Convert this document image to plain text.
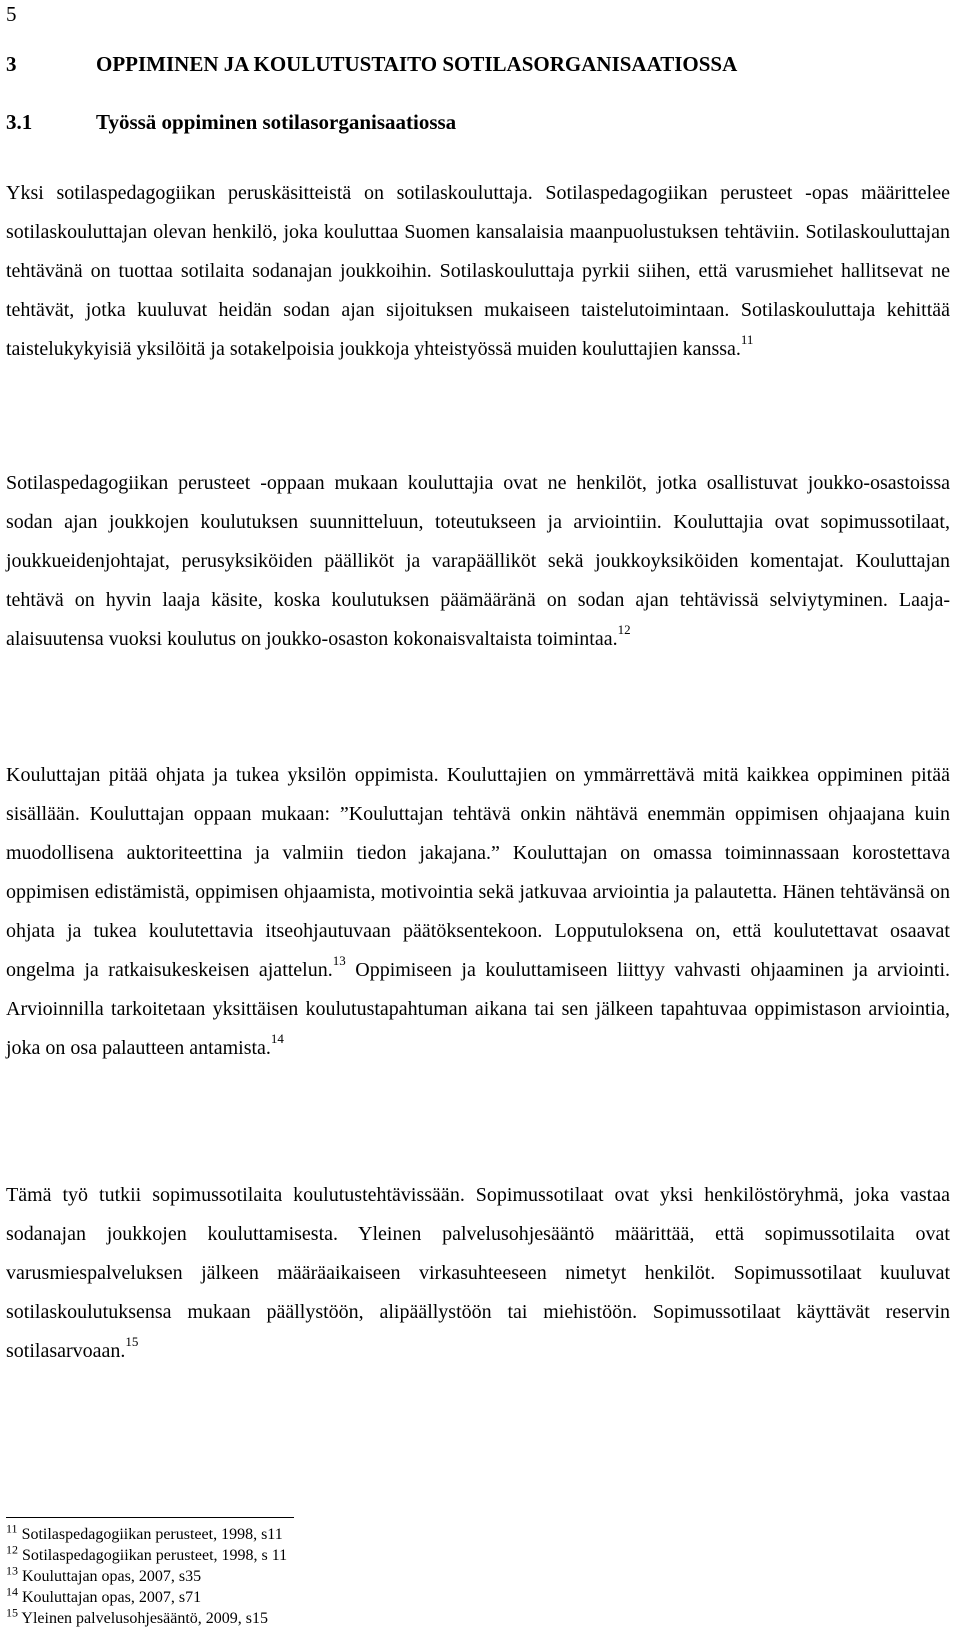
5
3	OPPIMINEN JA KOULUTUSTAITO SOTILASORGANISAATIOSSA
3.1	Työssä oppiminen sotilasorganisaatiossa

Yksi sotilaspedagogiikan peruskäsitteistä on sotilaskouluttaja. Sotilaspedagogiikan perusteet -opas määrittelee sotilaskouluttajan olevan henkilö, joka kouluttaa Suomen kansalaisia maanpuolustuksen tehtäviin. Sotilaskouluttajan tehtävänä on tuottaa sotilaita sodanajan joukkoihin. Sotilaskouluttaja pyrkii siihen, että varusmiehet hallitsevat ne tehtävät, jotka kuuluvat heidän sodan ajan sijoituksen mukaiseen taistelutoimintaan. Sotilaskouluttaja kehittää taistelukykyisiä yksilöitä ja sotakelpoisia joukkoja yhteistyössä muiden kouluttajien kanssa.$^{11}$

Sotilaspedagogiikan perusteet -oppaan mukaan kouluttajia ovat ne henkilöt, jotka osallistuvat joukko-osastoissa sodan ajan joukkojen koulutuksen suunnitteluun, toteutukseen ja arviointiin. Kouluttajia ovat sopimussotilaat, joukkueidenjohtajat, perusyksiköiden päälliköt ja varapäälliköt sekä joukkoyksiköiden komentajat. Kouluttajan tehtävä on hyvin laaja käsite, koska koulutuksen päämääränä on sodan ajan tehtävissä selviytyminen. Laaja-alaisuutensa vuoksi koulutus on joukko-osaston kokonaisvaltaista toimintaa.$^{12}$

Kouluttajan pitää ohjata ja tukea yksilön oppimista. Kouluttajien on ymmärrettävä mitä kaikkea oppiminen pitää sisällään. Kouluttajan oppaan mukaan: ”Kouluttajan tehtävä onkin nähtävä enemmän oppimisen ohjaajana kuin muodollisena auktoriteettina ja valmiin tiedon jakajana.” Kouluttajan on omassa toiminnassaan korostettava oppimisen edistämistä, oppimisen ohjaamista, motivointia sekä jatkuvaa arviointia ja palautetta. Hänen tehtävänsä on ohjata ja tukea koulutettavia itseohjautuvaan päätöksentekoon. Lopputuloksena on, että koulutettavat osaavat ongelma ja ratkaisukeskeisen ajattelun.$^{13}$ Oppimiseen ja kouluttamiseen liittyy vahvasti ohjaaminen ja arviointi. Arvioinnilla tarkoitetaan yksittäisen koulutustapahtuman aikana tai sen jälkeen tapahtuvaa oppimistason arviointia, joka on osa palautteen antamista.$^{14}$

Tämä työ tutkii sopimussotilaita koulutustehtävissään. Sopimussotilaat ovat yksi henkilöstöryhmä, joka vastaa sodanajan joukkojen kouluttamisesta. Yleinen palvelusohjesääntö määrittää, että sopimussotilaita ovat varusmiespalveluksen jälkeen määräaikaiseen virkasuhteeseen nimetyt henkilöt. Sopimussotilaat kuuluvat sotilaskoulutuksensa mukaan päällystöön, alipäällystöön tai miehistöön. Sopimussotilaat käyttävät reservin sotilasarvoaan.$^{15}$

$^{11}$ Sotilaspedagogiikan perusteet, 1998, s11
$^{12}$ Sotilaspedagogiikan perusteet, 1998, s 11
$^{13}$ Kouluttajan opas, 2007, s35
$^{14}$ Kouluttajan opas, 2007, s71
$^{15}$ Yleinen palvelusohjesääntö, 2009, s15
